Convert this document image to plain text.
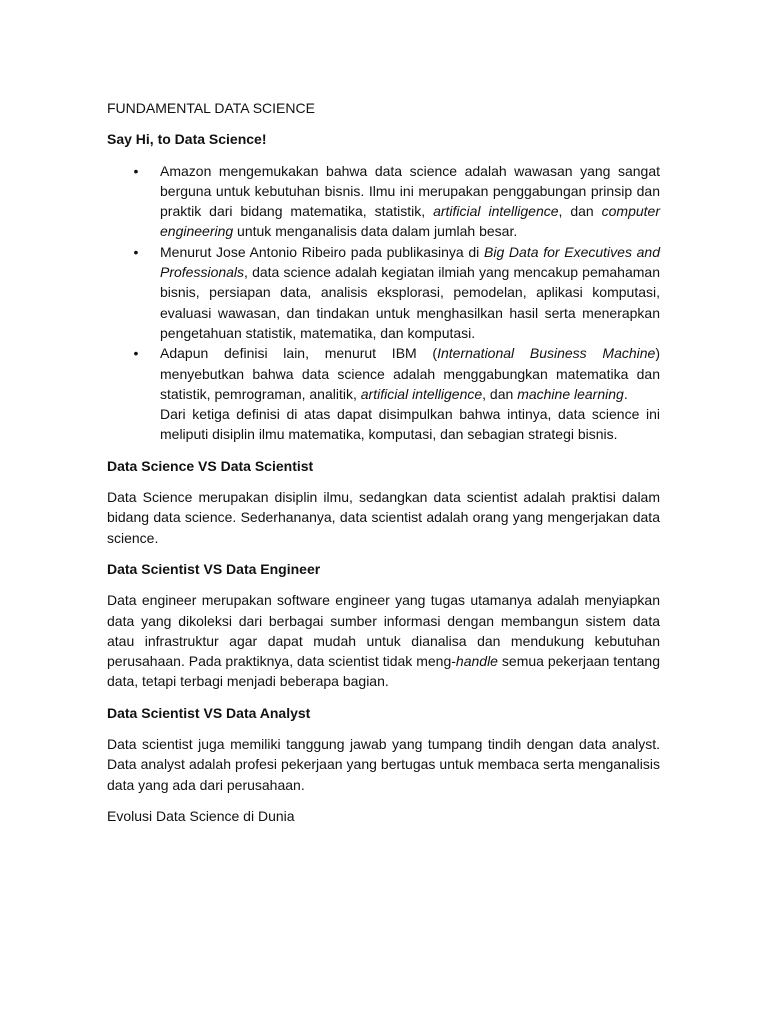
FUNDAMENTAL DATA SCIENCE
Say Hi, to Data Science!
• Amazon mengemukakan bahwa data science adalah wawasan yang sangat berguna untuk kebutuhan bisnis. Ilmu ini merupakan penggabungan prinsip dan praktik dari bidang matematika, statistik, artificial intelligence, dan computer engineering untuk menganalisis data dalam jumlah besar.
• Menurut Jose Antonio Ribeiro pada publikasinya di Big Data for Executives and Professionals, data science adalah kegiatan ilmiah yang mencakup pemahaman bisnis, persiapan data, analisis eksplorasi, pemodelan, aplikasi komputasi, evaluasi wawasan, dan tindakan untuk menghasilkan hasil serta menerapkan pengetahuan statistik, matematika, dan komputasi.
• Adapun definisi lain, menurut IBM (International Business Machine) menyebutkan bahwa data science adalah menggabungkan matematika dan statistik, pemrograman, analitik, artificial intelligence, dan machine learning.
Dari ketiga definisi di atas dapat disimpulkan bahwa intinya, data science ini meliputi disiplin ilmu matematika, komputasi, dan sebagian strategi bisnis.
Data Science VS Data Scientist
Data Science merupakan disiplin ilmu, sedangkan data scientist adalah praktisi dalam bidang data science. Sederhananya, data scientist adalah orang yang mengerjakan data science.
Data Scientist VS Data Engineer
Data engineer merupakan software engineer yang tugas utamanya adalah menyiapkan data yang dikoleksi dari berbagai sumber informasi dengan membangun sistem data atau infrastruktur agar dapat mudah untuk dianalisa dan mendukung kebutuhan perusahaan. Pada praktiknya, data scientist tidak meng-handle semua pekerjaan tentang data, tetapi terbagi menjadi beberapa bagian.
Data Scientist VS Data Analyst
Data scientist juga memiliki tanggung jawab yang tumpang tindih dengan data analyst. Data analyst adalah profesi pekerjaan yang bertugas untuk membaca serta menganalisis data yang ada dari perusahaan.
Evolusi Data Science di Dunia
